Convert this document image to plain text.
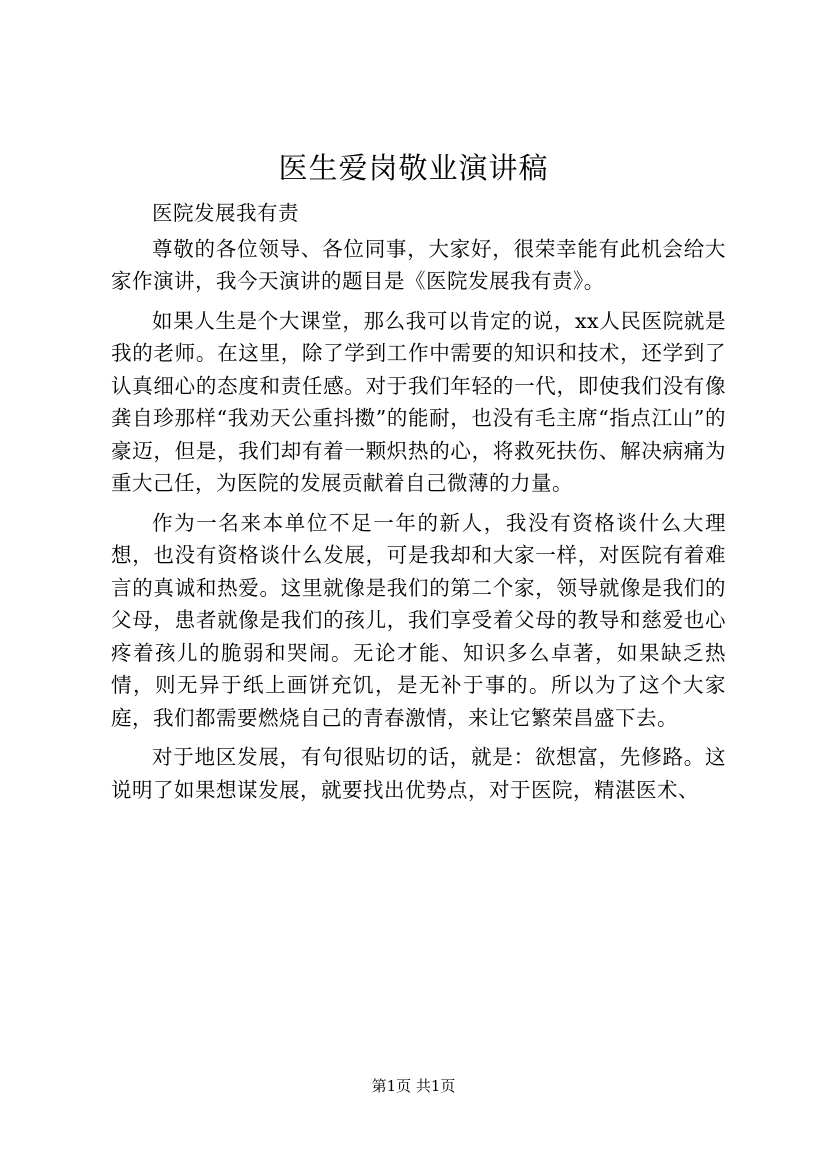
医生爱岗敬业演讲稿

医院发展我有责

尊敬的各位领导、各位同事，大家好，很荣幸能有此机会给大家作演讲，我今天演讲的题目是《医院发展我有责》。

如果人生是个大课堂，那么我可以肯定的说，xx人民医院就是我的老师。在这里，除了学到工作中需要的知识和技术，还学到了认真细心的态度和责任感。对于我们年轻的一代，即使我们没有像龚自珍那样“我劝天公重抖擞”的能耐，也没有毛主席“指点江山”的豪迈，但是，我们却有着一颗炽热的心，将救死扶伤、解决病痛为重大己任，为医院的发展贡献着自己微薄的力量。

作为一名来本单位不足一年的新人，我没有资格谈什么大理想，也没有资格谈什么发展，可是我却和大家一样，对医院有着难言的真诚和热爱。这里就像是我们的第二个家，领导就像是我们的父母，患者就像是我们的孩儿，我们享受着父母的教导和慈爱也心疼着孩儿的脆弱和哭闹。无论才能、知识多么卓著，如果缺乏热情，则无异于纸上画饼充饥，是无补于事的。所以为了这个大家庭，我们都需要燃烧自己的青春激情，来让它繁荣昌盛下去。

对于地区发展，有句很贴切的话，就是：欲想富，先修路。这说明了如果想谋发展，就要找出优势点，对于医院，精湛医术、

第1页 共1页
